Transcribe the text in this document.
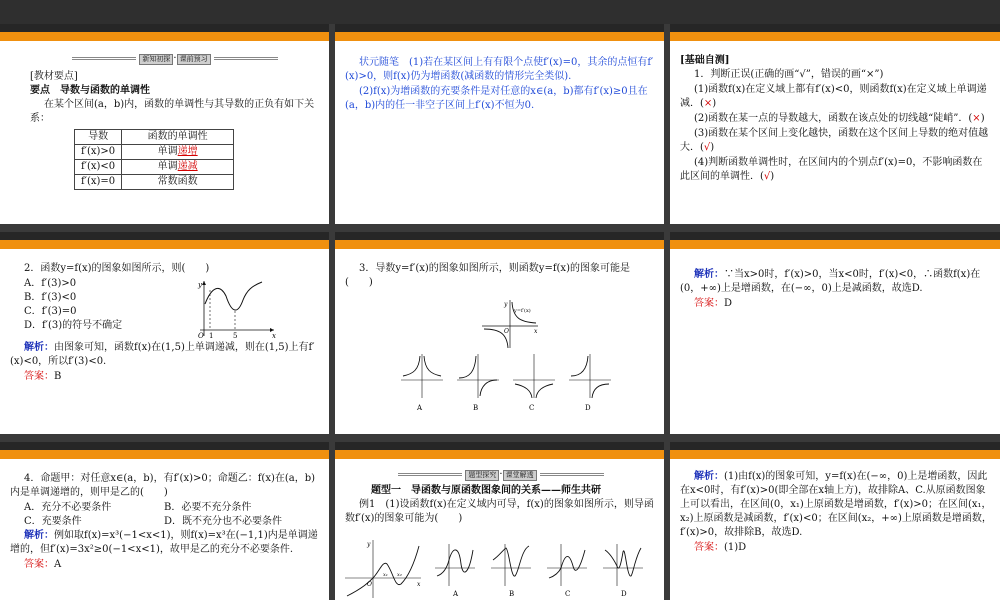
新知初探 · 课前预习
[教材要点]
要点　导数与函数的单调性
在某个区间(a，b)内，函数的单调性与其导数的正负有如下关系：
导数	函数的单调性
f′(x)>0	单调递增
f′(x)<0	单调递减
f′(x)=0	常数函数
状元随笔　(1)若在某区间上有有限个点使f′(x)=0，其余的点恒有f′(x)>0，则f(x)仍为增函数(减函数的情形完全类似).
(2)f(x)为增函数的充要条件是对任意的x∈(a，b)都有f′(x)≥0且在(a，b)内的任一非空子区间上f′(x)不恒为0.
[基础自测]
1．判断正误(正确的画“√”，错误的画“×”)
(1)函数f(x)在定义域上都有f′(x)<0，则函数f(x)在定义域上单调递减．(×)
(2)函数在某一点的导数越大，函数在该点处的切线越“陡峭”．(×)
(3)函数在某个区间上变化越快，函数在这个区间上导数的绝对值越大．(√)
(4)判断函数单调性时，在区间内的个别点f′(x)=0，不影响函数在此区间的单调性．(√)
2．函数y=f(x)的图象如图所示，则(　　)
A．f′(3)>0
B．f′(3)<0
C．f′(3)=0
D．f′(3)的符号不确定
解析：由图象可知，函数f(x)在(1,5)上单调递减，则在(1,5)上有f′(x)<0，所以f′(3)<0.
答案：B
y
x
O 1	5
3．导数y=f′(x)的图象如图所示，则函数y=f(x)的图象可能是(　　)
y=f′(x)
y
x
O
A	B	C	D
解析：∵当x>0时，f′(x)>0，当x<0时，f′(x)<0，∴函数f(x)在(0，+∞)上是增函数，在(−∞，0)上是减函数，故选D.
答案：D
4．命题甲：对任意x∈(a，b)，有f′(x)>0；命题乙：f(x)在(a，b)内是单调递增的，则甲是乙的(　　)
A．充分不必要条件	B．必要不充分条件
C．充要条件	D．既不充分也不必要条件
解析：例如取f(x)=x³(−1<x<1)，则f(x)=x³在(−1,1)内是单调递增的，但f′(x)=3x²≥0(−1<x<1)，故甲是乙的充分不必要条件.
答案：A
题型探究 · 课堂解透
题型一　导函数与原函数图象间的关系——师生共研
例1　(1)设函数f(x)在定义域内可导，f(x)的图象如图所示，则导函数f′(x)的图象可能为(　　)
y
O
x₁ x₂
x
A	B	C	D
解析：(1)由f(x)的图象可知，y=f(x)在(−∞，0)上是增函数，因此在x<0时，有f′(x)>0(即全部在x轴上方)，故排除A、C.从原函数图象上可以看出，在区间(0，x₁)上原函数是增函数，f′(x)>0；在区间(x₁，x₂)上原函数是减函数，f′(x)<0；在区间(x₂，+∞)上原函数是增函数，f′(x)>0，故排除B，故选D.
答案：(1)D
